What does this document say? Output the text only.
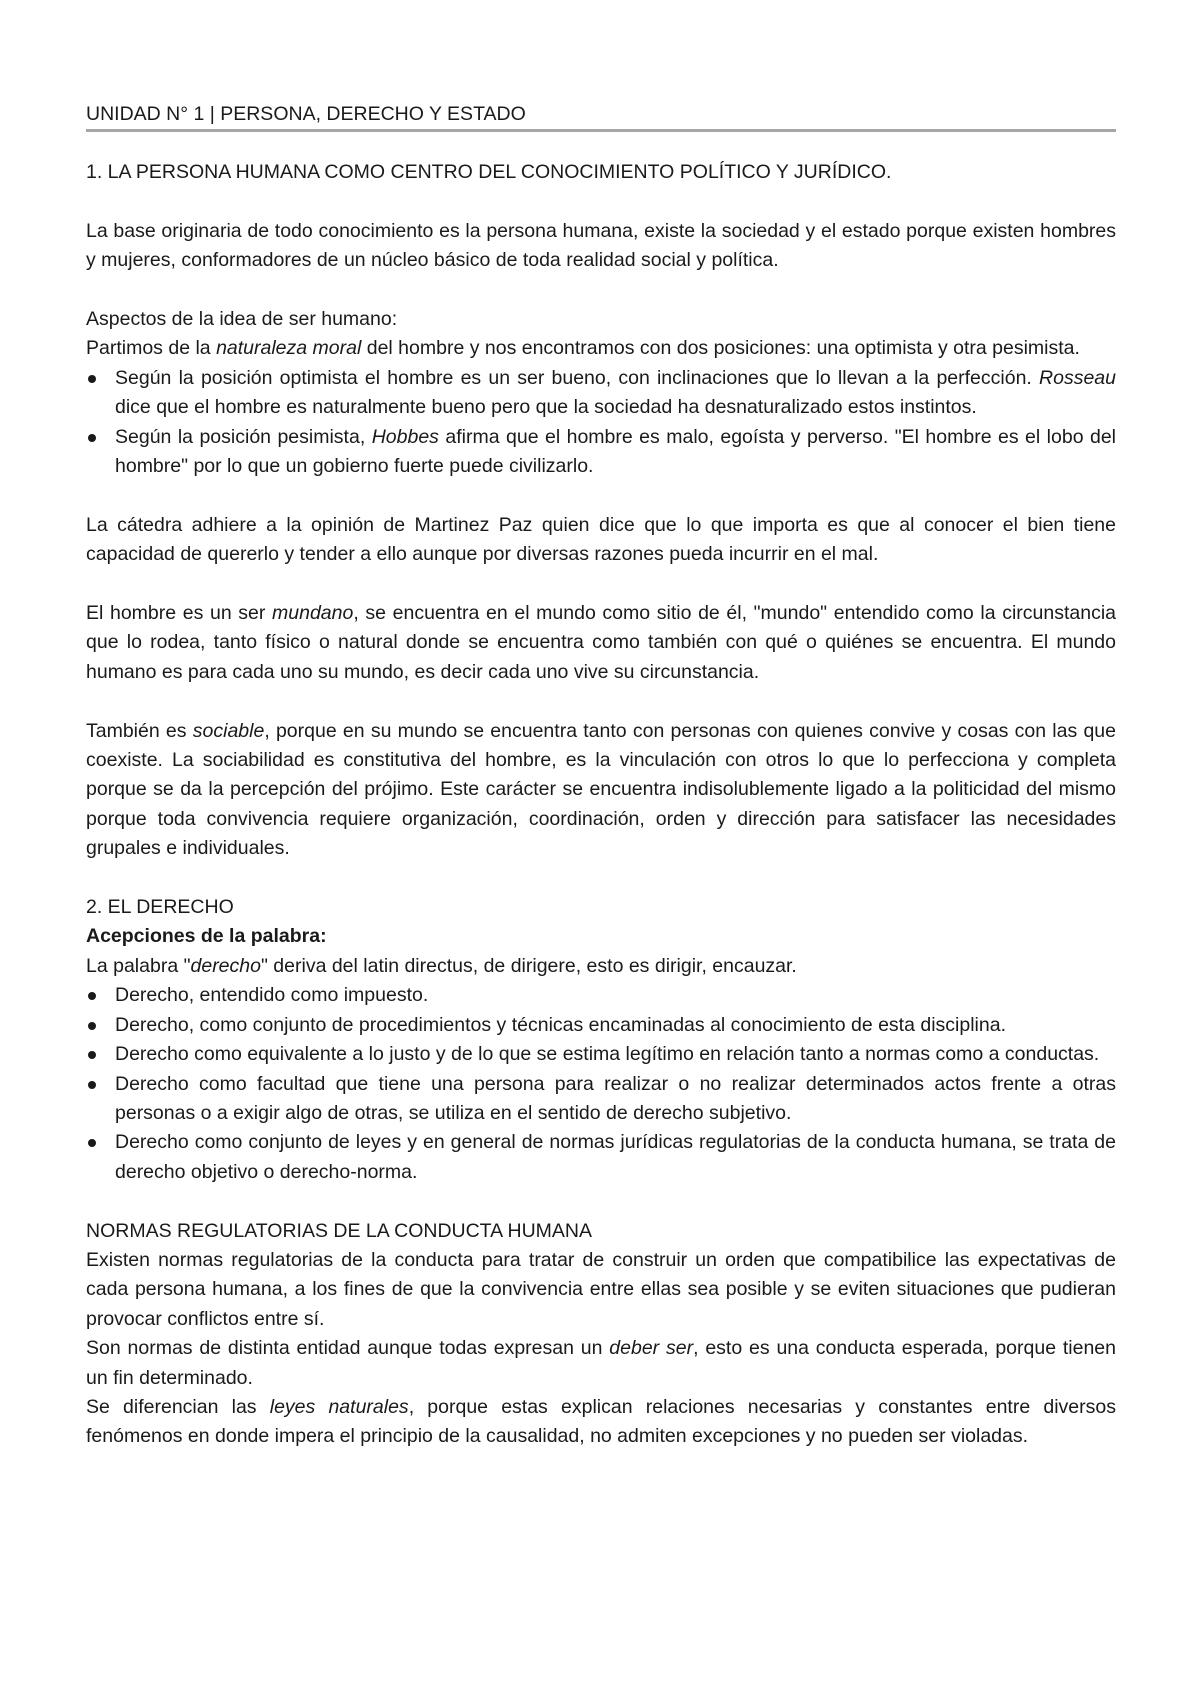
UNIDAD N° 1 | PERSONA, DERECHO Y ESTADO

1. LA PERSONA HUMANA COMO CENTRO DEL CONOCIMIENTO POLÍTICO Y JURÍDICO.

La base originaria de todo conocimiento es la persona humana, existe la sociedad y el estado porque existen hombres y mujeres, conformadores de un núcleo básico de toda realidad social y política.

Aspectos de la idea de ser humano:

Partimos de la naturaleza moral del hombre y nos encontramos con dos posiciones: una optimista y otra pesimista.

Según la posición optimista el hombre es un ser bueno, con inclinaciones que lo llevan a la perfección. Rosseau dice que el hombre es naturalmente bueno pero que la sociedad ha desnaturalizado estos instintos.
Según la posición pesimista, Hobbes afirma que el hombre es malo, egoísta y perverso. "El hombre es el lobo del hombre" por lo que un gobierno fuerte puede civilizarlo.

La cátedra adhiere a la opinión de Martinez Paz quien dice que lo que importa es que al conocer el bien tiene capacidad de quererlo y tender a ello aunque por diversas razones pueda incurrir en el mal.

El hombre es un ser mundano, se encuentra en el mundo como sitio de él, "mundo" entendido como la circunstancia que lo rodea, tanto físico o natural donde se encuentra como también con qué o quiénes se encuentra. El mundo humano es para cada uno su mundo, es decir cada uno vive su circunstancia.

También es sociable, porque en su mundo se encuentra tanto con personas con quienes convive y cosas con las que coexiste. La sociabilidad es constitutiva del hombre, es la vinculación con otros lo que lo perfecciona y completa porque se da la percepción del prójimo. Este carácter se encuentra indisolublemente ligado a la politicidad del mismo porque toda convivencia requiere organización, coordinación, orden y dirección para satisfacer las necesidades grupales e individuales.

2. EL DERECHO

Acepciones de la palabra:

La palabra "derecho" deriva del latin directus, de dirigere, esto es dirigir, encauzar.

Derecho, entendido como impuesto.
Derecho, como conjunto de procedimientos y técnicas encaminadas al conocimiento de esta disciplina.
Derecho como equivalente a lo justo y de lo que se estima legítimo en relación tanto a normas como a conductas.
Derecho como facultad que tiene una persona para realizar o no realizar determinados actos frente a otras personas o a exigir algo de otras, se utiliza en el sentido de derecho subjetivo.
Derecho como conjunto de leyes y en general de normas jurídicas regulatorias de la conducta humana, se trata de derecho objetivo o derecho-norma.

NORMAS REGULATORIAS DE LA CONDUCTA HUMANA

Existen normas regulatorias de la conducta para tratar de construir un orden que compatibilice las expectativas de cada persona humana, a los fines de que la convivencia entre ellas sea posible y se eviten situaciones que pudieran provocar conflictos entre sí.

Son normas de distinta entidad aunque todas expresan un deber ser, esto es una conducta esperada, porque tienen un fin determinado.

Se diferencian las leyes naturales, porque estas explican relaciones necesarias y constantes entre diversos fenómenos en donde impera el principio de la causalidad, no admiten excepciones y no pueden ser violadas.
